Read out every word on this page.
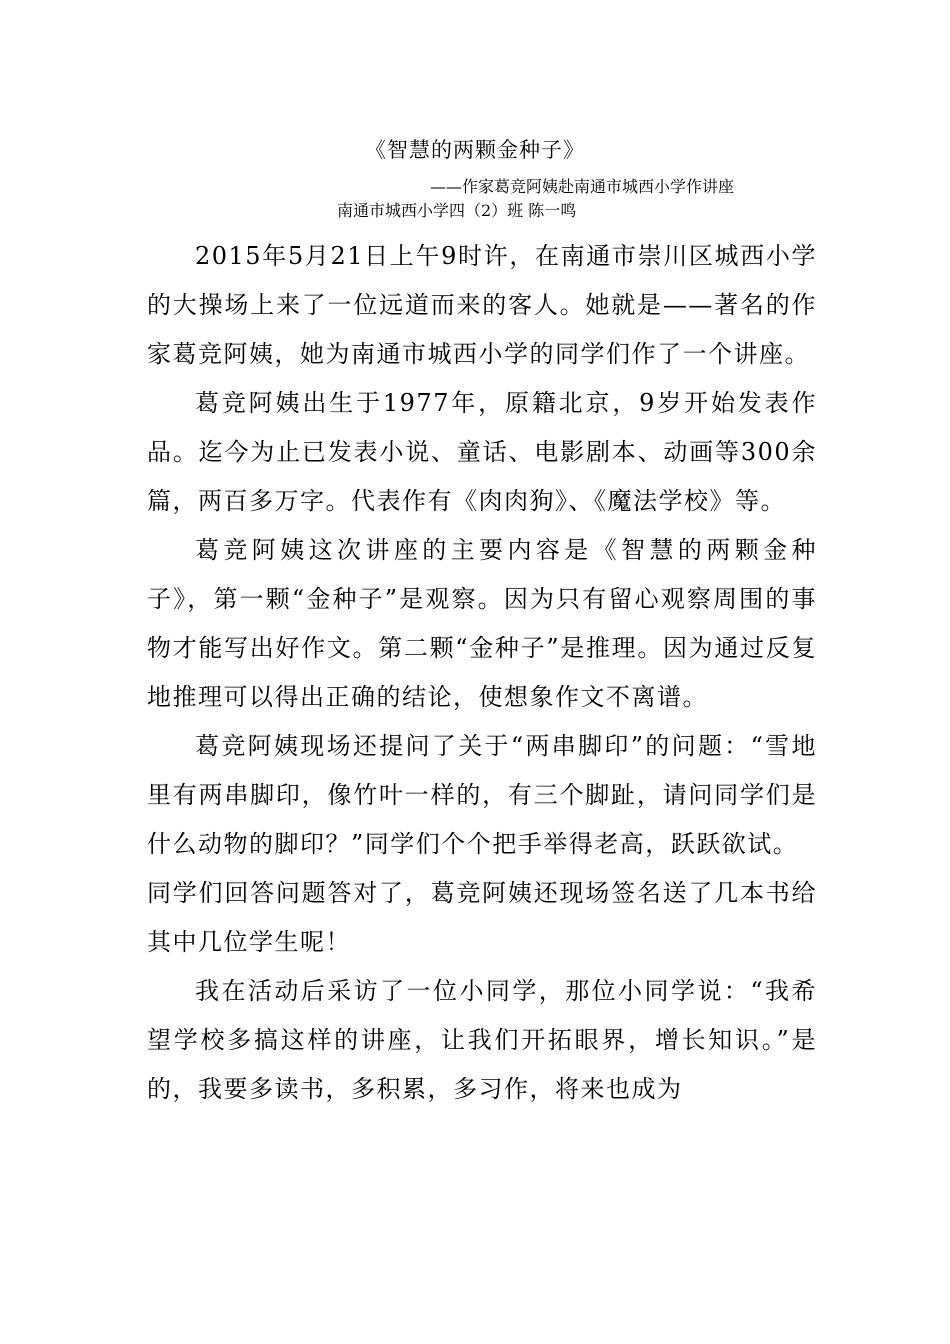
《智慧的两颗金种子》
——作家葛竞阿姨赴南通市城西小学作讲座
南通市城西小学四（2）班 陈一鸣

2015年5月21日上午9时许，在南通市崇川区城西小学的大操场上来了一位远道而来的客人。她就是——著名的作家葛竞阿姨，她为南通市城西小学的同学们作了一个讲座。

葛竞阿姨出生于1977年，原籍北京，9岁开始发表作品。迄今为止已发表小说、童话、电影剧本、动画等300余篇，两百多万字。代表作有《肉肉狗》、《魔法学校》等。

葛竞阿姨这次讲座的主要内容是《智慧的两颗金种子》，第一颗“金种子”是观察。因为只有留心观察周围的事物才能写出好作文。第二颗“金种子”是推理。因为通过反复地推理可以得出正确的结论，使想象作文不离谱。

葛竞阿姨现场还提问了关于“两串脚印”的问题：“雪地里有两串脚印，像竹叶一样的，有三个脚趾，请问同学们是什么动物的脚印？”同学们个个把手举得老高，跃跃欲试。

同学们回答问题答对了，葛竞阿姨还现场签名送了几本书给其中几位学生呢！

我在活动后采访了一位小同学，那位小同学说：“我希望学校多搞这样的讲座，让我们开拓眼界，增长知识。”是的，我要多读书，多积累，多习作，将来也成为
